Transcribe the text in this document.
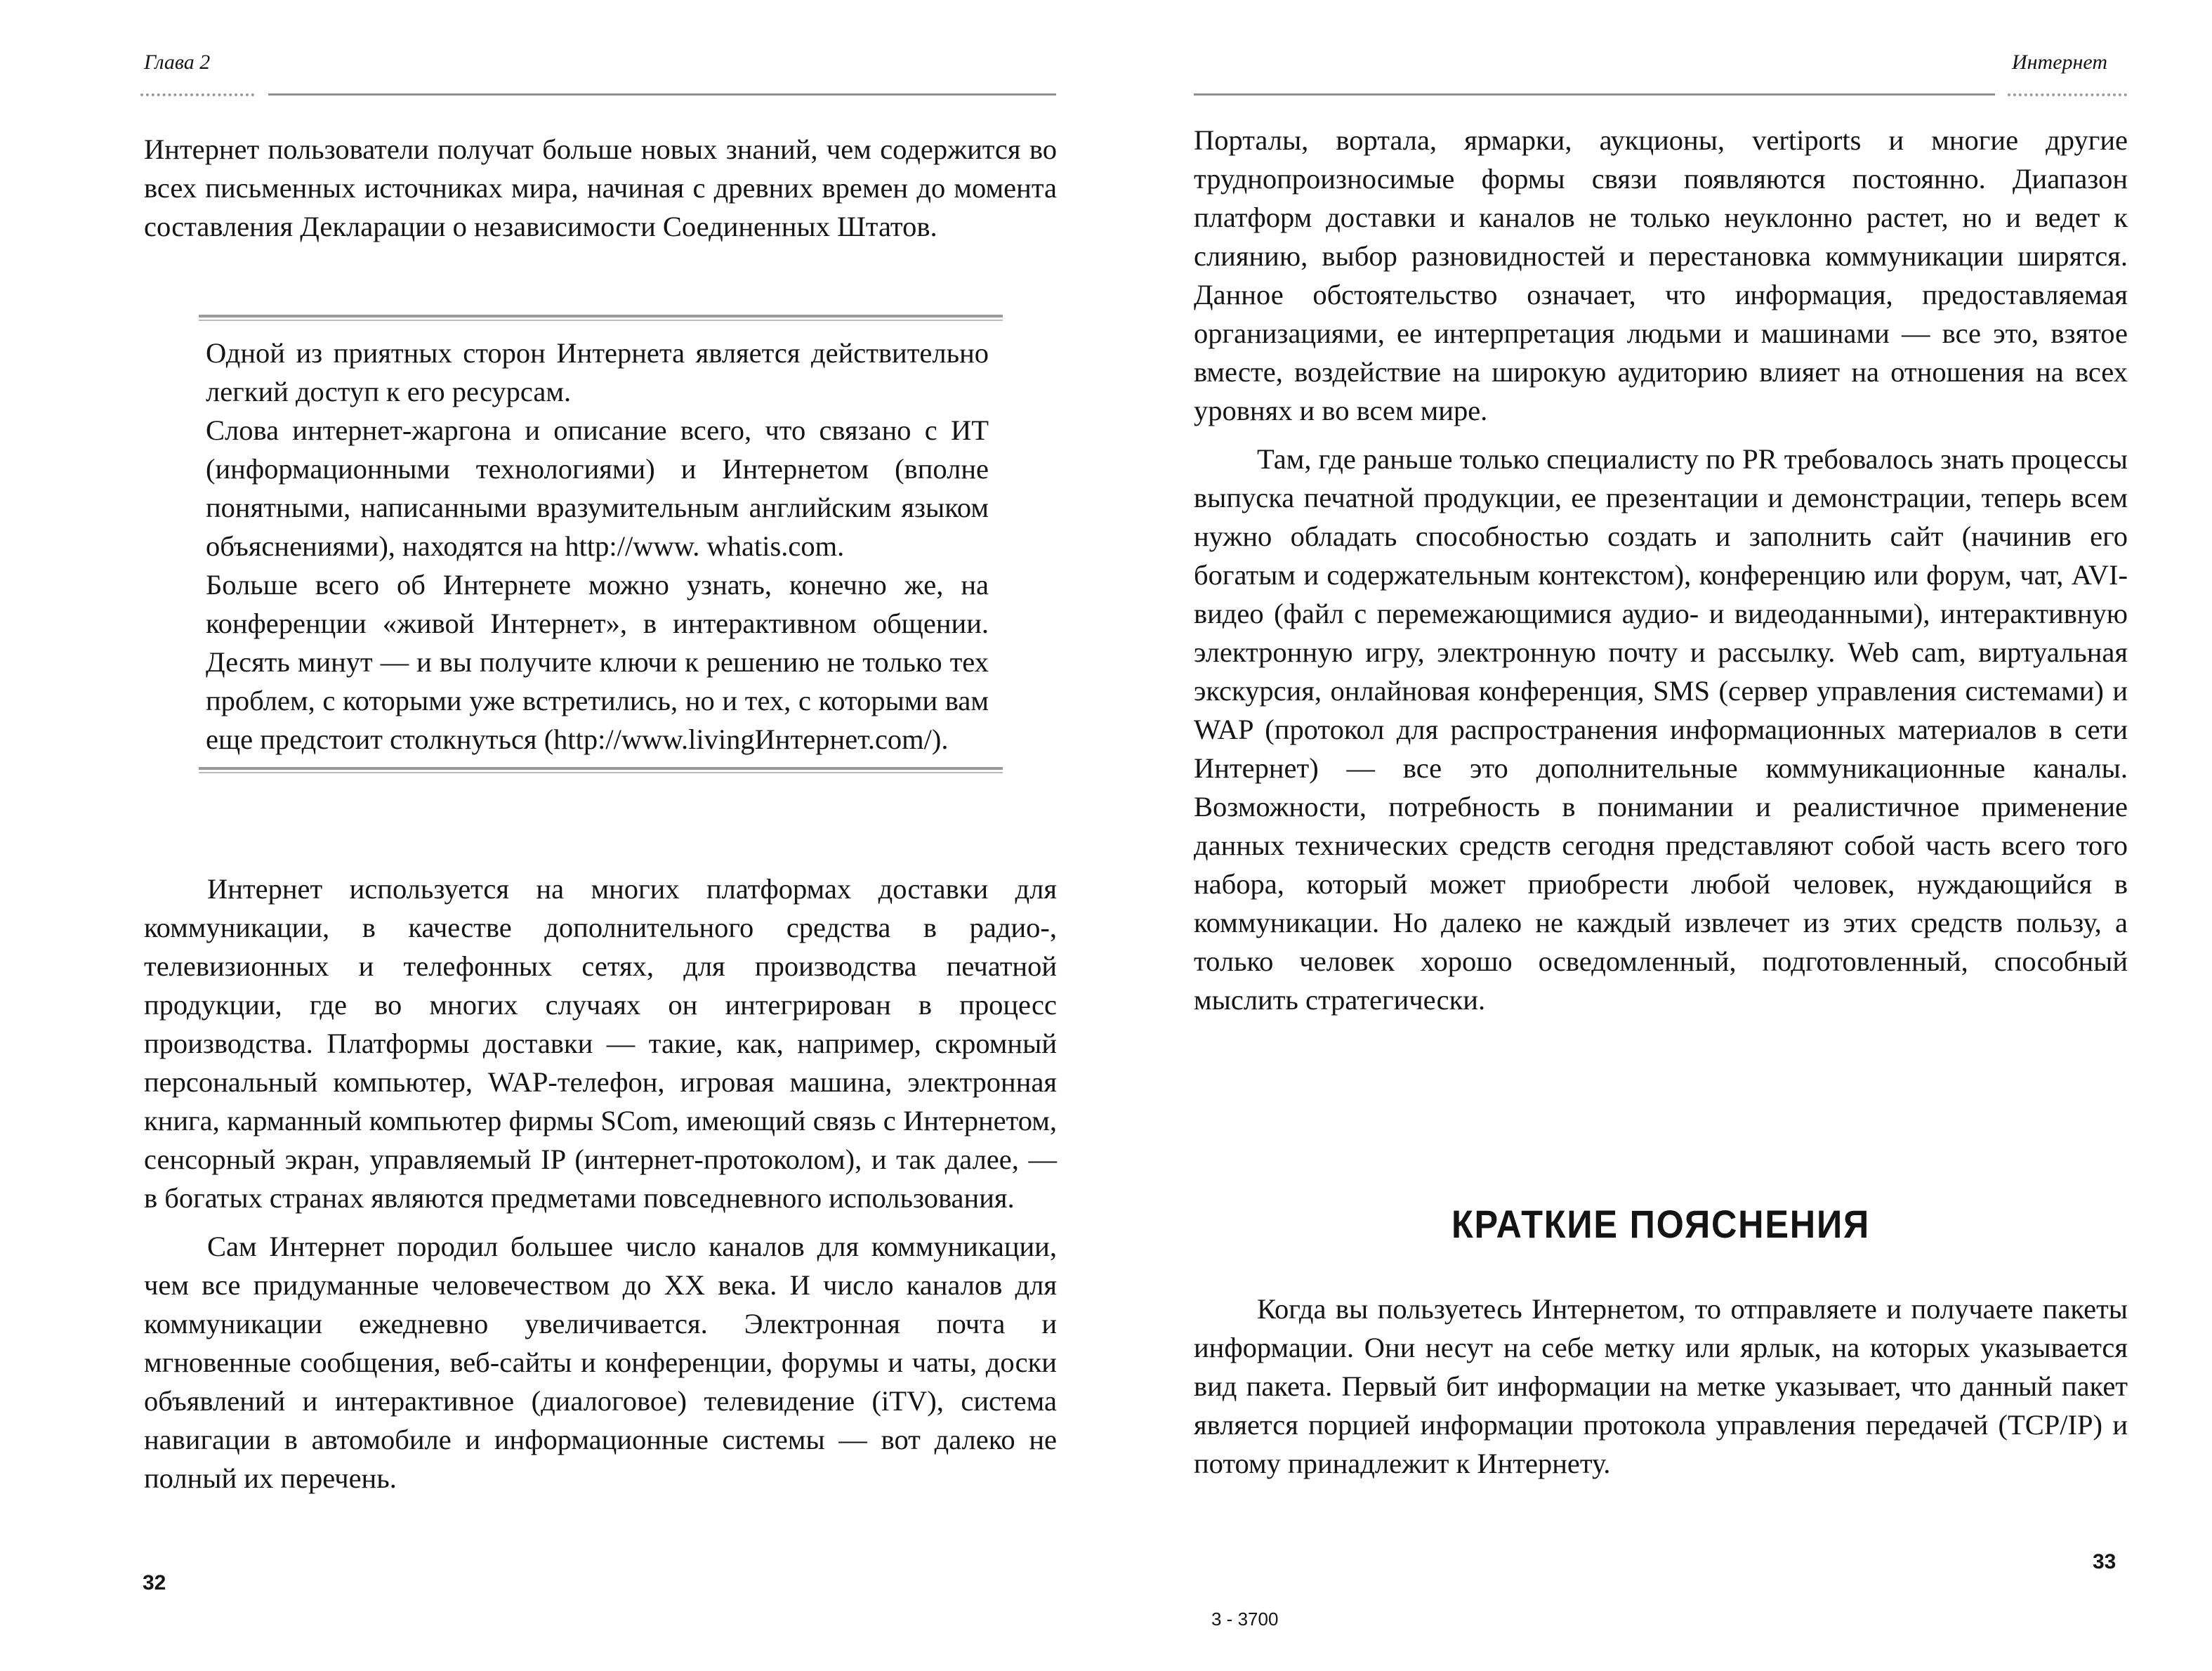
Глава 2

Интернет пользователи получат больше новых знаний, чем содержится во всех письменных источниках мира, начиная с древних времен до момента составления Декларации о независимости Соединенных Штатов.

Одной из приятных сторон Интернета является действительно легкий доступ к его ресурсам.

Слова интернет-жаргона и описание всего, что связано с ИТ (информационными технологиями) и Интернетом (вполне понятными, написанными вразумительным английским языком объяснениями), находятся на http://www. whatis.com.

Больше всего об Интернете можно узнать, конечно же, на конференции «живой Интернет», в интерактивном общении. Десять минут — и вы получите ключи к решению не только тех проблем, с которыми уже встретились, но и тех, с которыми вам еще предстоит столкнуться (http://www.livingИнтернет.com/).

Интернет используется на многих платформах доставки для коммуникации, в качестве дополнительного средства в радио-, телевизионных и телефонных сетях, для производства печатной продукции, где во многих случаях он интегрирован в процесс производства. Платформы доставки — такие, как, например, скромный персональный компьютер, WAP-телефон, игровая машина, электронная книга, карманный компьютер фирмы SCom, имеющий связь с Интернетом, сенсорный экран, управляемый IP (интернет-протоколом), и так далее, — в богатых странах являются предметами повседневного использования.

Сам Интернет породил большее число каналов для коммуникации, чем все придуманные человечеством до XX века. И число каналов для коммуникации ежедневно увеличивается. Электронная почта и мгновенные сообщения, веб-сайты и конференции, форумы и чаты, доски объявлений и интерактивное (диалоговое) телевидение (iTV), система навигации в автомобиле и информационные системы — вот далеко не полный их перечень.

32
Интернет

Порталы, вортала, ярмарки, аукционы, vertiports и многие другие труднопроизносимые формы связи появляются постоянно. Диапазон платформ доставки и каналов не только неуклонно растет, но и ведет к слиянию, выбор разновидностей и перестановка коммуникации ширятся. Данное обстоятельство означает, что информация, предоставляемая организациями, ее интерпретация людьми и машинами — все это, взятое вместе, воздействие на широкую аудиторию влияет на отношения на всех уровнях и во всем мире.

Там, где раньше только специалисту по PR требовалось знать процессы выпуска печатной продукции, ее презентации и демонстрации, теперь всем нужно обладать способностью создать и заполнить сайт (начинив его богатым и содержательным контекстом), конференцию или форум, чат, AVI-видео (файл с перемежающимися аудио- и видеоданными), интерактивную электронную игру, электронную почту и рассылку. Web cam, виртуальная экскурсия, онлайновая конференция, SMS (сервер управления системами) и WAP (протокол для распространения информационных материалов в сети Интернет) — все это дополнительные коммуникационные каналы. Возможности, потребность в понимании и реалистичное применение данных технических средств сегодня представляют собой часть всего того набора, который может приобрести любой человек, нуждающийся в коммуникации. Но далеко не каждый извлечет из этих средств пользу, а только человек хорошо осведомленный, подготовленный, способный мыслить стратегически.

КРАТКИЕ ПОЯСНЕНИЯ

Когда вы пользуетесь Интернетом, то отправляете и получаете пакеты информации. Они несут на себе метку или ярлык, на которых указывается вид пакета. Первый бит информации на метке указывает, что данный пакет является порцией информации протокола управления передачей (TCP/IP) и потому принадлежит к Интернету.

33
3 - 3700
